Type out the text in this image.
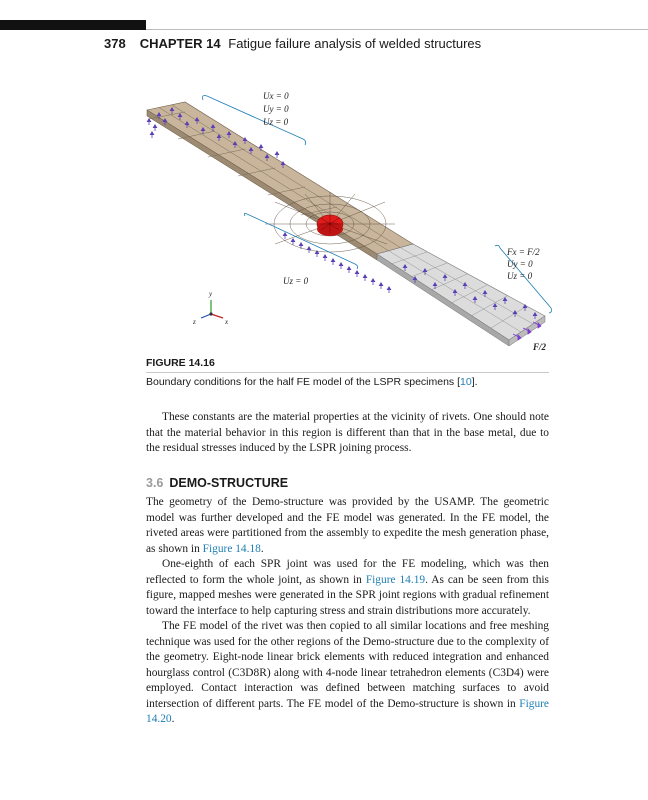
378 CHAPTER 14 Fatigue failure analysis of welded structures
Ux = 0
Uy = 0
Uz = 0
Uz = 0
Fx = F/2
Uy = 0
Uz = 0
F/2
y
x
z
FIGURE 14.16
Boundary conditions for the half FE model of the LSPR specimens [10].

These constants are the material properties at the vicinity of rivets. One should note that the material behavior in this region is different than that in the base metal, due to the residual stresses induced by the LSPR joining process.

3.6 DEMO-STRUCTURE

The geometry of the Demo-structure was provided by the USAMP. The geometric model was further developed and the FE model was generated. In the FE model, the riveted areas were partitioned from the assembly to expedite the mesh generation phase, as shown in Figure 14.18.

One-eighth of each SPR joint was used for the FE modeling, which was then reflected to form the whole joint, as shown in Figure 14.19. As can be seen from this figure, mapped meshes were generated in the SPR joint regions with gradual refinement toward the interface to help capturing stress and strain distributions more accurately.

The FE model of the rivet was then copied to all similar locations and free meshing technique was used for the other regions of the Demo-structure due to the complexity of the geometry. Eight-node linear brick elements with reduced integration and enhanced hourglass control (C3D8R) along with 4-node linear tetrahedron elements (C3D4) were employed. Contact interaction was defined between matching surfaces to avoid intersection of different parts. The FE model of the Demo-structure is shown in Figure 14.20.
